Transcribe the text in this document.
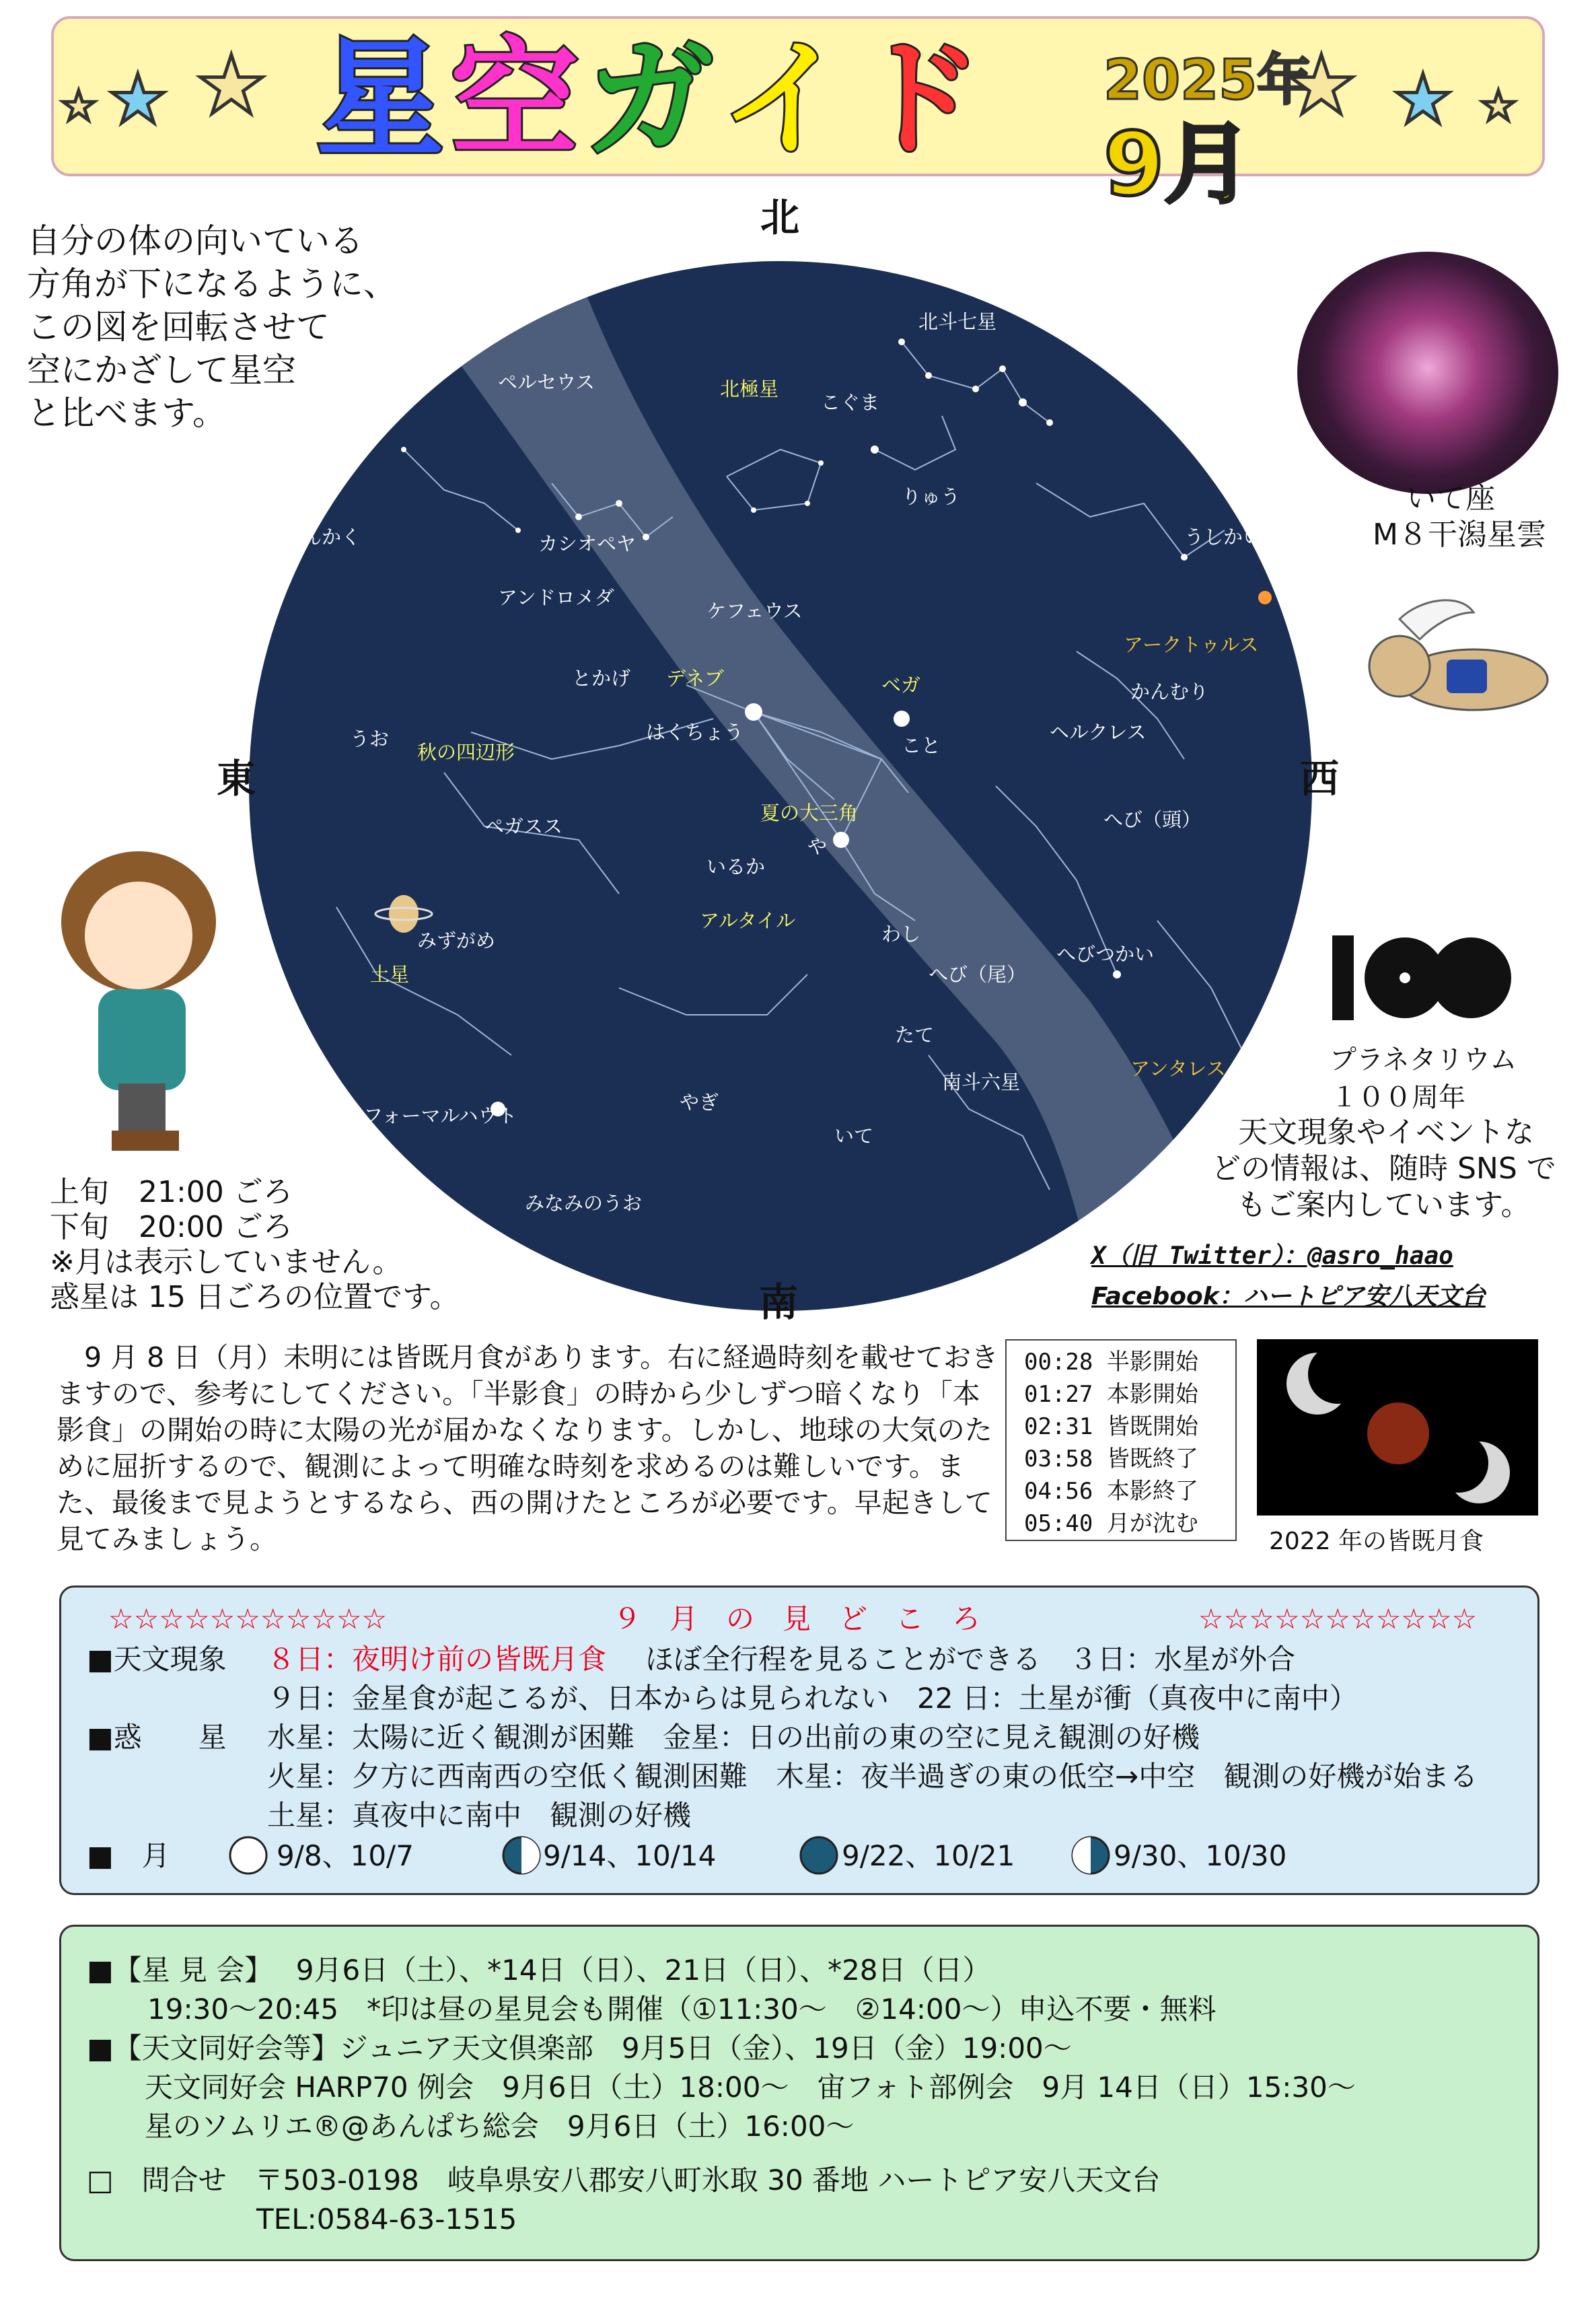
★ ★ ★ 星 空 ガ イ ド 2025年
9月
★ ★ ★
自分の体の向いている
方角が下になるように、
この図を回転させて
空にかざして星空
と比べます。
北
南
東	西
北斗七星
北極星
こぐま
ペルセウス
りゅう
さんかく	カシオペヤ	うしかい
アンドロメダ
ケフェウス
アークトゥルス
とかげ デネブ	ベガ	かんむり
はくちょう
こと
ヘルクレス
秋の四辺形
うお
夏の大三角	へび（頭）
ペガスス
や
いるか
土星
みずがめ
アルタイル
わし
へびつかい
へび（尾）
たて
南斗六星
アンタレス
フォーマルハウト
やぎ
いて
みなみのうお
いて座
M８干潟星雲
上旬　21:00 ごろ
下旬　20:00 ごろ
※月は表示していません。
惑星は 15 日ごろの位置です。
プラネタリウム
１００周年
天文現象やイベントな
どの情報は、随時 SNS で
もご案内しています。
X（旧 Twitter）：@asro_haao
Facebook：ハートピア安八天文台
　9 月 8 日（月）未明には皆既月食があります。右に経過時刻を載せておきますので、参考にしてください。「半影食」の時から少しずつ暗くなり「本影食」の開始の時に太陽の光が届かなくなります。しかし、地球の大気のために屈折するので、観測によって明確な時刻を求めるのは難しいです。また、最後まで見ようとするなら、西の開けたところが必要です。早起きして見てみましょう。
00:28 半影開始
01:27 本影開始
02:31 皆既開始
03:58 皆既終了
04:56 本影終了
05:40 月が沈む
2022 年の皆既月食
☆☆☆☆☆☆☆☆☆☆☆	９　月　の　見　ど　こ　ろ	☆☆☆☆☆☆☆☆☆☆☆
■天文現象 ８日：夜明け前の皆既月食 ほぼ全行程を見ることができる　３日：水星が外合
９日：金星食が起こるが、日本からは見られない　22 日：土星が衝（真夜中に南中）
■惑　　星 水星：太陽に近く観測が困難　金星：日の出前の東の空に見え観測の好機
火星：夕方に西南西の空低く観測困難　木星：夜半過ぎの東の低空→中空　観測の好機が始まる
土星：真夜中に南中　観測の好機
■　月	9/8、10/7	9/14、10/14	9/22、10/21	9/30、10/30
■【星 見 会】　 9月6日（土）、*14日（日）、21日（日）、*28日（日）
19:30〜20:45　*印は昼の星見会も開催（①11:30〜　②14:00〜）申込不要・無料
■【天文同好会等】ジュニア天文倶楽部　9月5日（金）、19日（金）19:00〜
天文同好会 HARP70 例会　9月6日（土）18:00〜　宙フォト部例会　9月 14日（日）15:30〜
星のソムリエ®@あんぱち総会　9月6日（土）16:00〜
□　問合せ　〒503-0198　岐阜県安八郡安八町氷取 30 番地 ハートピア安八天文台
TEL:0584-63-1515
